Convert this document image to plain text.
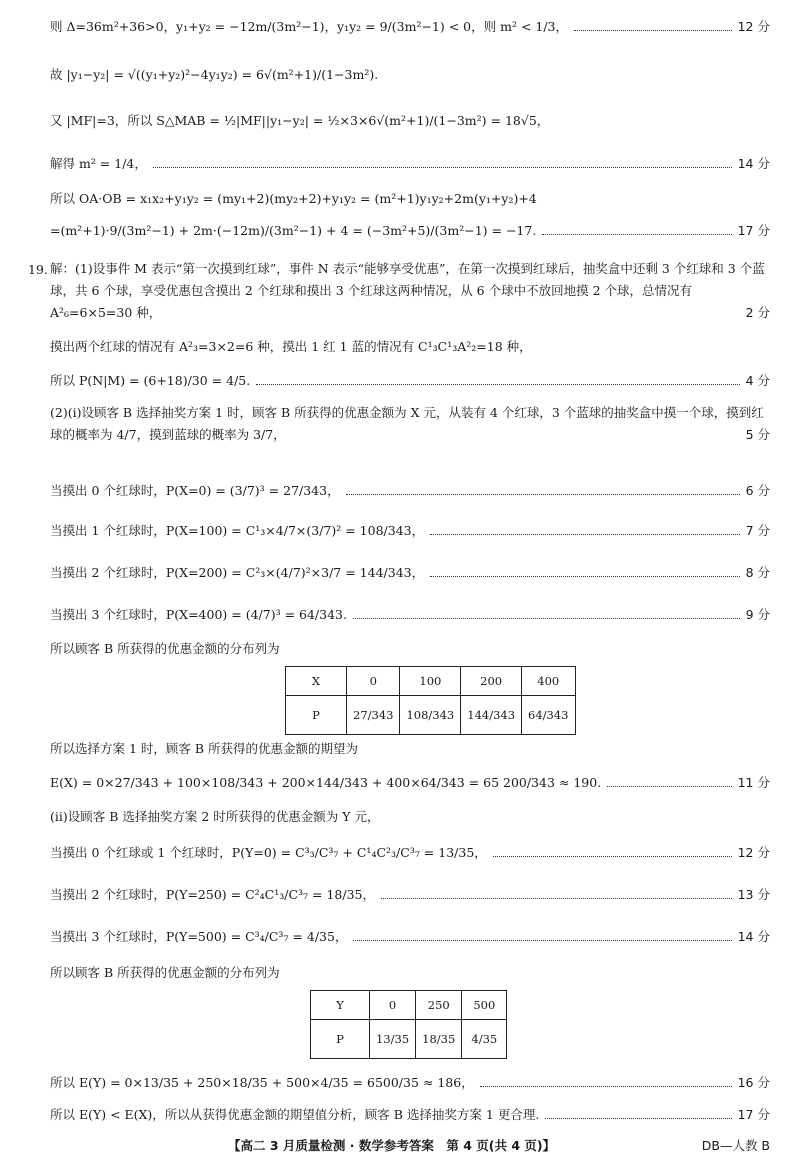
则 Δ=36m²+36>0，y₁+y₂ = −12m/(3m²−1)，y₁y₂ = 9/(3m²−1) < 0，则 m² < 1/3，	12 分
故 |y₁−y₂| = √((y₁+y₂)²−4y₁y₂) = 6√(m²+1)/(1−3m²).
又 |MF|=3，所以 S△MAB = ½|MF||y₁−y₂| = ½×3×6√(m²+1)/(1−3m²) = 18√5，
解得 m² = 1/4，	14 分
所以 OA·OB = x₁x₂+y₁y₂ = (my₁+2)(my₂+2)+y₁y₂ = (m²+1)y₁y₂+2m(y₁+y₂)+4
=(m²+1)·9/(3m²−1) + 2m·(−12m)/(3m²−1) + 4 = (−3m²+5)/(3m²−1) = −17.	17 分
19. 解：(1)设事件 M 表示“第一次摸到红球”，事件 N 表示“能够享受优惠”，在第一次摸到红球后，抽奖盒中还剩 3 个红球和 3 个蓝球，共 6 个球，享受优惠包含摸出 2 个红球和摸出 3 个红球这两种情况，从 6 个球中不放回地摸 2 个球，总情况有 A²₆=6×5=30 种，	2 分
摸出两个红球的情况有 A²₃=3×2=6 种，摸出 1 红 1 蓝的情况有 C¹₃C¹₃A²₂=18 种，
所以 P(N|M) = (6+18)/30 = 4/5.	4 分
(2)(ⅰ)设顾客 B 选择抽奖方案 1 时，顾客 B 所获得的优惠金额为 X 元，从装有 4 个红球，3 个蓝球的抽奖盒中摸一个球，摸到红球的概率为 4/7，摸到蓝球的概率为 3/7，	5 分
当摸出 0 个红球时，P(X=0) = (3/7)³ = 27/343，	6 分
当摸出 1 个红球时，P(X=100) = C¹₃×4/7×(3/7)² = 108/343，	7 分
当摸出 2 个红球时，P(X=200) = C²₃×(4/7)²×3/7 = 144/343，	8 分
当摸出 3 个红球时，P(X=400) = (4/7)³ = 64/343.	9 分
所以顾客 B 所获得的优惠金额的分布列为
X	0	100	200	400
P	27/343	108/343	144/343	64/343
所以选择方案 1 时，顾客 B 所获得的优惠金额的期望为
E(X) = 0×27/343 + 100×108/343 + 200×144/343 + 400×64/343 = 65 200/343 ≈ 190.	11 分
(ⅱ)设顾客 B 选择抽奖方案 2 时所获得的优惠金额为 Y 元，
当摸出 0 个红球或 1 个红球时，P(Y=0) = C³₃/C³₇ + C¹₄C²₃/C³₇ = 13/35，	12 分
当摸出 2 个红球时，P(Y=250) = C²₄C¹₃/C³₇ = 18/35，	13 分
当摸出 3 个红球时，P(Y=500) = C³₄/C³₇ = 4/35，	14 分
所以顾客 B 所获得的优惠金额的分布列为
Y	0	250	500
P	13/35	18/35	4/35
所以 E(Y) = 0×13/35 + 250×18/35 + 500×4/35 = 6500/35 ≈ 186，	16 分
所以 E(Y) < E(X)，所以从获得优惠金额的期望值分析，顾客 B 选择抽奖方案 1 更合理.	17 分
【高二 3 月质量检测 · 数学参考答案　第 4 页(共 4 页)】	DB—人教 B
